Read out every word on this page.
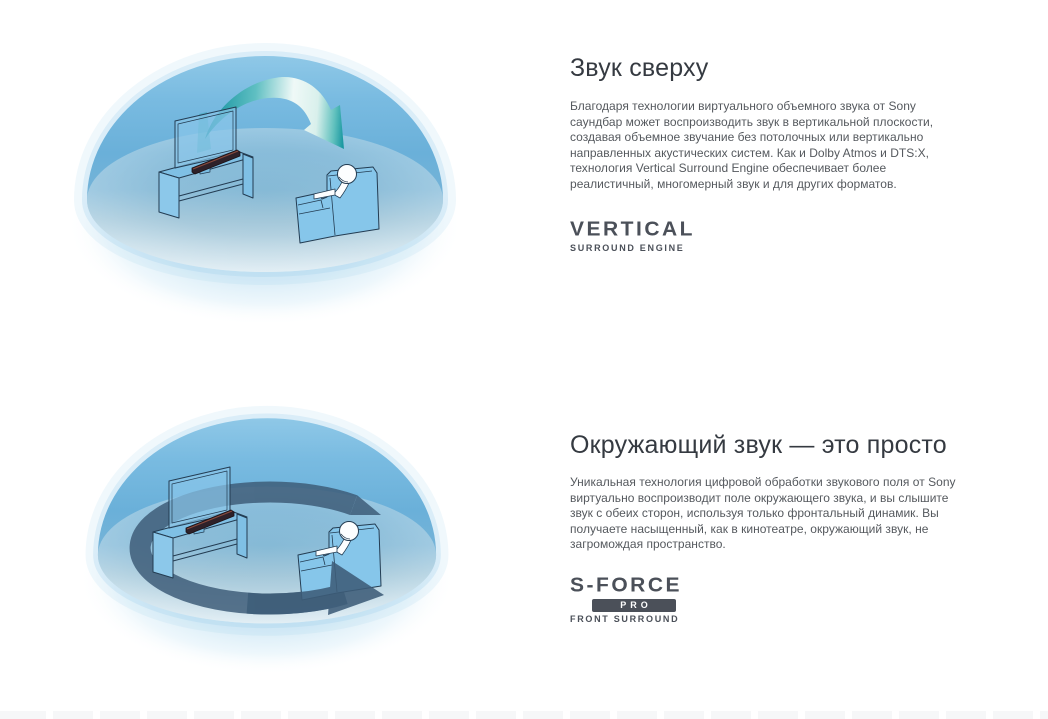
Звук сверху

Благодаря технологии виртуального объемного звука от Sony саундбар может воспроизводить звук в вертикальной плоскости, создавая объемное звучание без потолочных или вертикально направленных акустических систем. Как и Dolby Atmos и DTS:X, технология Vertical Surround Engine обеспечивает более реалистичный, многомерный звук и для других форматов.

VERTICAL
SURROUND ENGINE
Окружающий звук — это просто

Уникальная технология цифровой обработки звукового поля от Sony виртуально воспроизводит поле окружающего звука, и вы слышите звук с обеих сторон, используя только фронтальный динамик. Вы получаете насыщенный, как в кинотеатре, окружающий звук, не загромождая пространство.

S-FORCE
PRO
FRONT SURROUND
